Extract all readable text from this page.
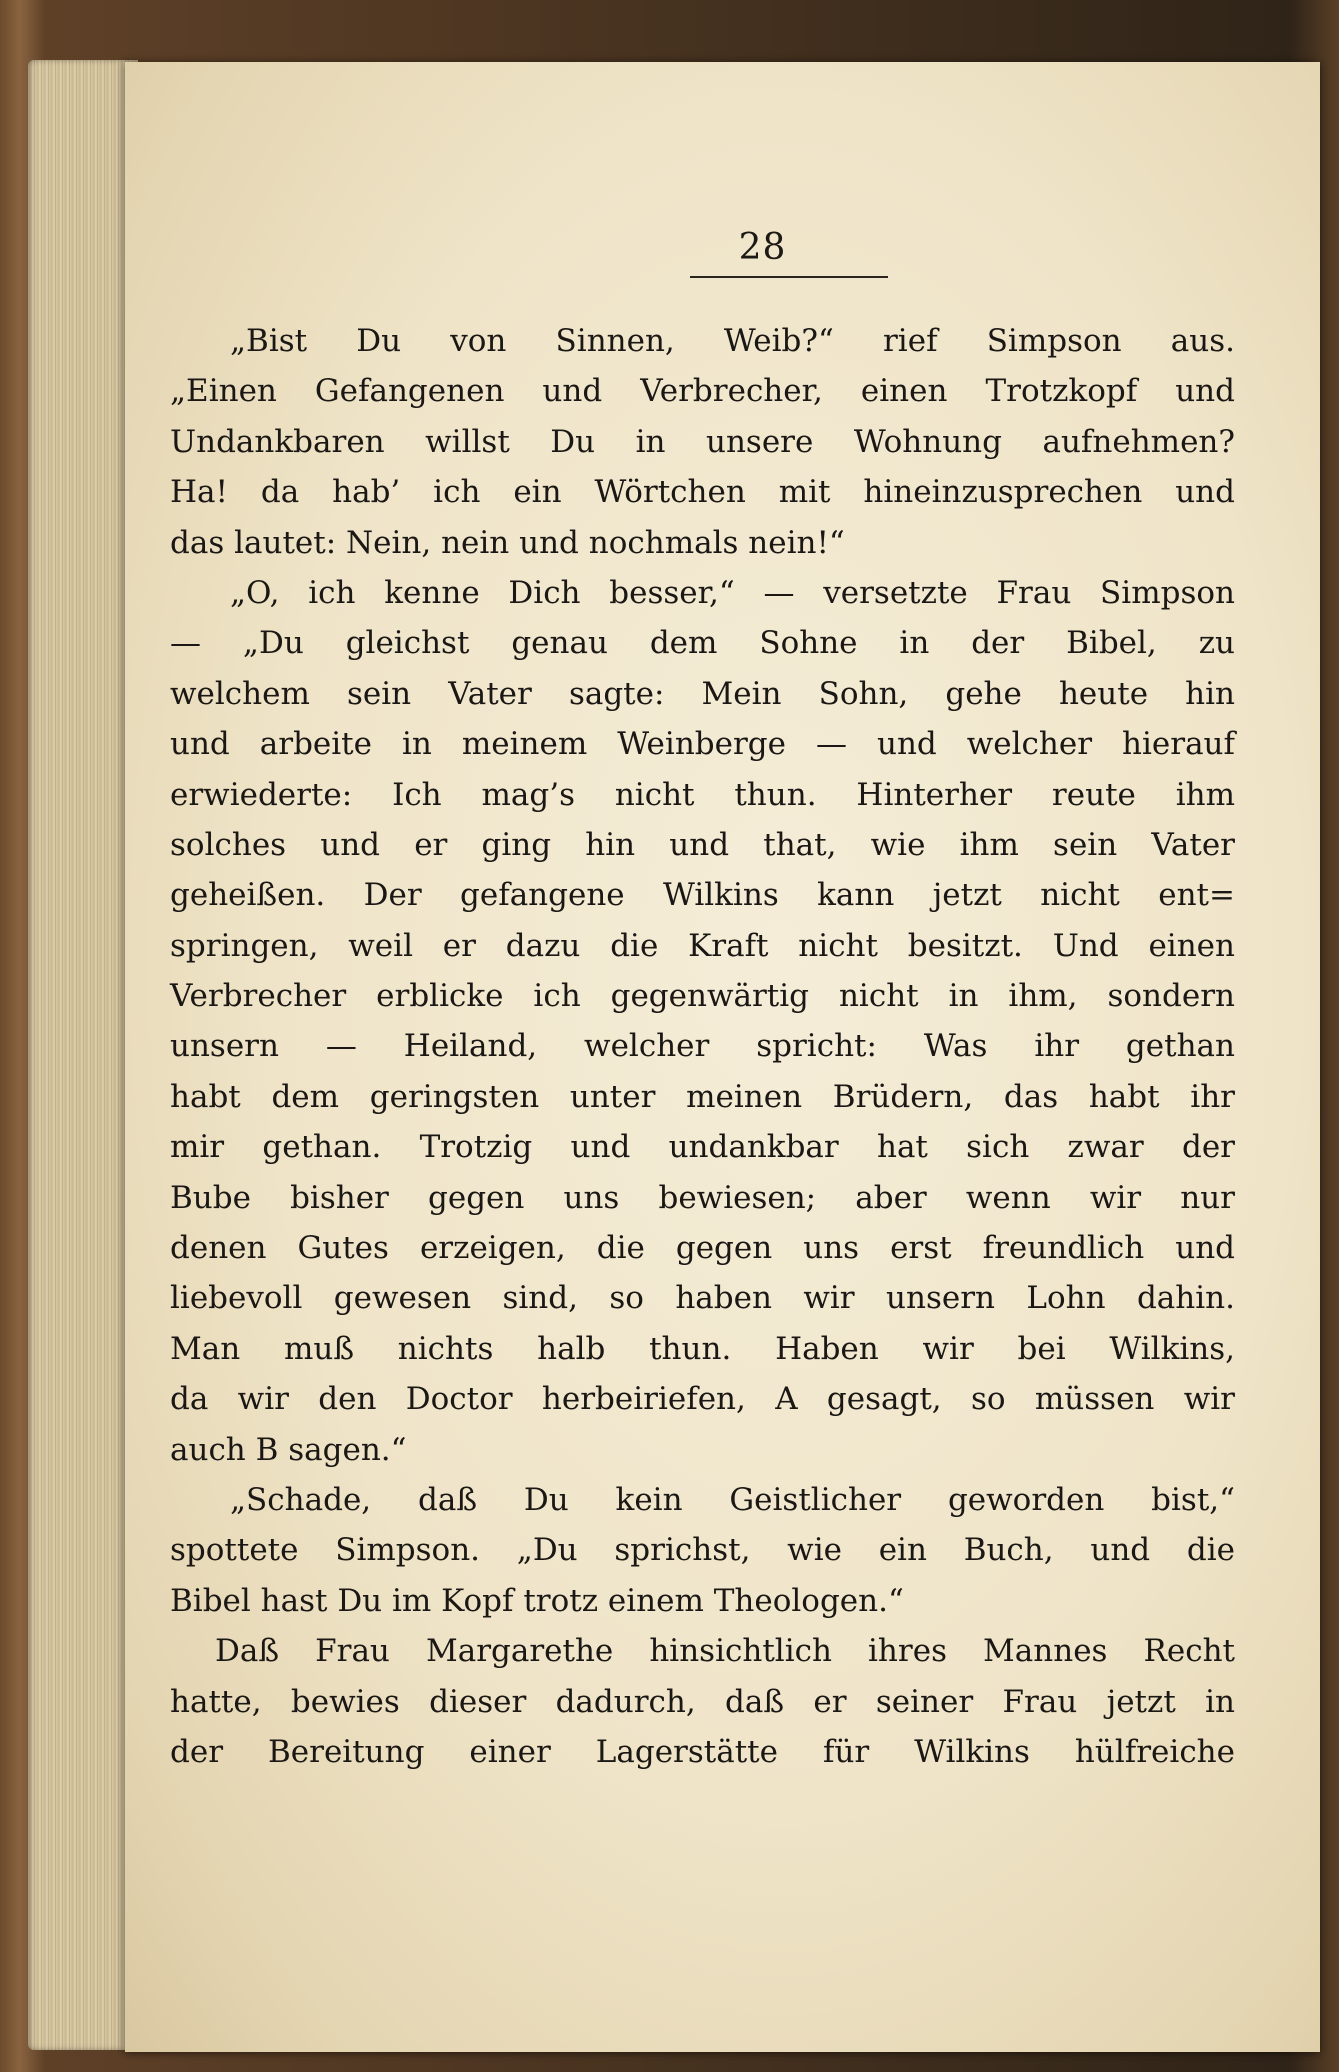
28
„Bist Du von Sinnen, Weib?“ rief Simpson aus.
„Einen Gefangenen und Verbrecher, einen Trotzkopf und
Undankbaren willst Du in unsere Wohnung aufnehmen?
Ha! da hab’ ich ein Wörtchen mit hineinzusprechen und
das lautet: Nein, nein und nochmals nein!“
„O, ich kenne Dich besser,“ — versetzte Frau Simpson
— „Du gleichst genau dem Sohne in der Bibel, zu
welchem sein Vater sagte: Mein Sohn, gehe heute hin
und arbeite in meinem Weinberge — und welcher hierauf
erwiederte: Ich mag’s nicht thun. Hinterher reute ihm
solches und er ging hin und that, wie ihm sein Vater
geheißen. Der gefangene Wilkins kann jetzt nicht ent=
springen, weil er dazu die Kraft nicht besitzt. Und einen
Verbrecher erblicke ich gegenwärtig nicht in ihm, sondern
unsern — Heiland, welcher spricht: Was ihr gethan
habt dem geringsten unter meinen Brüdern, das habt ihr
mir gethan. Trotzig und undankbar hat sich zwar der
Bube bisher gegen uns bewiesen; aber wenn wir nur
denen Gutes erzeigen, die gegen uns erst freundlich und
liebevoll gewesen sind, so haben wir unsern Lohn dahin.
Man muß nichts halb thun. Haben wir bei Wilkins,
da wir den Doctor herbeiriefen, A gesagt, so müssen wir
auch B sagen.“
„Schade, daß Du kein Geistlicher geworden bist,“
spottete Simpson. „Du sprichst, wie ein Buch, und die
Bibel hast Du im Kopf trotz einem Theologen.“
Daß Frau Margarethe hinsichtlich ihres Mannes Recht
hatte, bewies dieser dadurch, daß er seiner Frau jetzt in
der Bereitung einer Lagerstätte für Wilkins hülfreiche
